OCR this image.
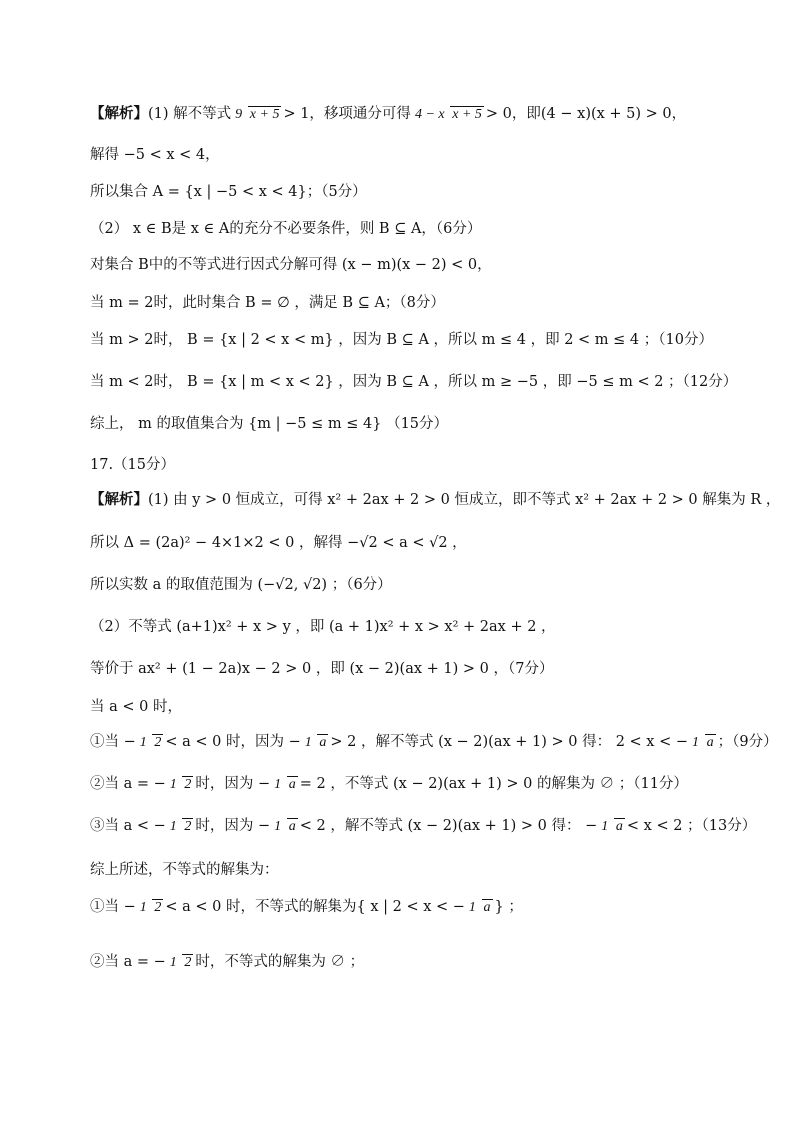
【解析】 (1) 解不等式 9 x + 5 > 1，移项通分可得 4 − x x + 5 > 0，即(4 − x)(x + 5) > 0，
解得 −5 < x < 4，
所以集合 A = {x | −5 < x < 4}；（5分）
（2） x ∈ B是 x ∈ A的充分不必要条件，则 B ⊆ A，（6分）
对集合 B中的不等式进行因式分解可得 (x − m)(x − 2) < 0，
当 m = 2时，此时集合 B = ∅ ，满足 B ⊆ A；（8分）
当 m > 2时， B = {x | 2 < x < m} ，因为 B ⊆ A ，所以 m ≤ 4 ，即 2 < m ≤ 4 ；（10分）
当 m < 2时， B = {x | m < x < 2} ，因为 B ⊆ A ，所以 m ≥ −5 ，即 −5 ≤ m < 2 ；（12分）
综上， m 的取值集合为 {m | −5 ≤ m ≤ 4} （15分）
17.（15分）
【解析】 (1) 由 y > 0 恒成立，可得 x² + 2ax + 2 > 0 恒成立，即不等式 x² + 2ax + 2 > 0 解集为 R ，
所以 Δ = (2a)² − 4×1×2 < 0 ，解得 −√2 < a < √2 ，
所以实数 a 的取值范围为 (−√2, √2) ；（6分）
（2）不等式 (a+1)x² + x > y ，即 (a + 1)x² + x > x² + 2ax + 2 ，
等价于 ax² + (1 − 2a)x − 2 > 0 ，即 (x − 2)(ax + 1) > 0 ，（7分）
当 a < 0 时，
①当 − 1 2 < a < 0 时，因为 − 1 a > 2 ，解不等式 (x − 2)(ax + 1) > 0 得： 2 < x < − 1 a ；（9分）
②当 a = − 1 2 时，因为 − 1 a = 2 ，不等式 (x − 2)(ax + 1) > 0 的解集为 ∅ ；（11分）
③当 a < − 1 2 时，因为 − 1 a < 2 ，解不等式 (x − 2)(ax + 1) > 0 得： − 1 a < x < 2 ；（13分）
综上所述，不等式的解集为：
①当 − 1 2 < a < 0 时，不等式的解集为 { x | 2 < x < − 1 a } ；
②当 a = − 1 2 时，不等式的解集为 ∅ ；
